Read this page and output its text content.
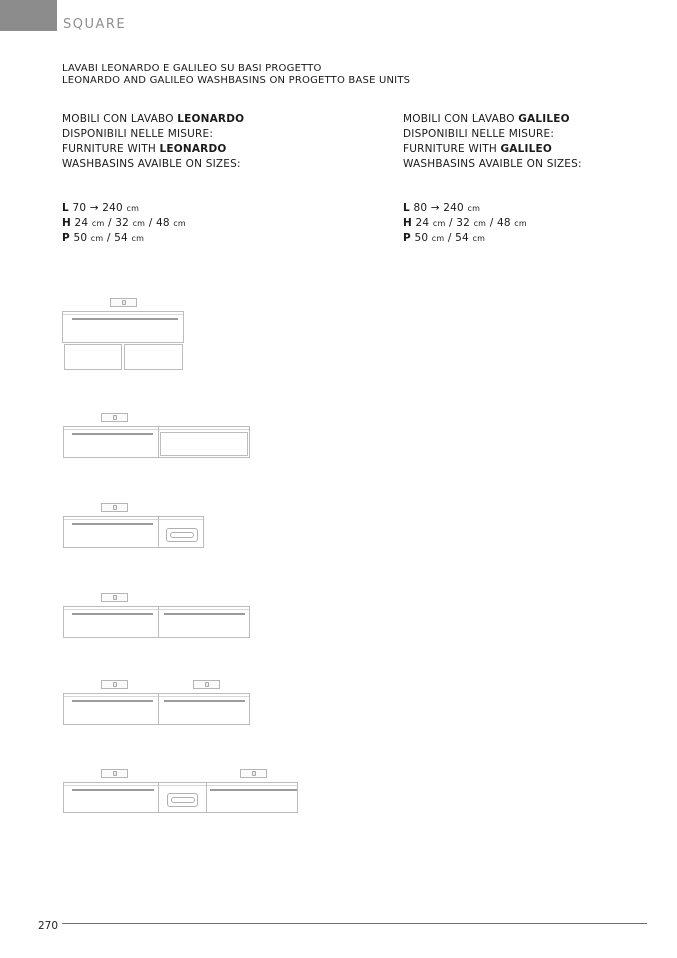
SQUARE
LAVABI LEONARDO E GALILEO SU BASI PROGETTO
LEONARDO AND GALILEO WASHBASINS ON PROGETTO BASE UNITS
MOBILI CON LAVABO LEONARDO
DISPONIBILI NELLE MISURE:
FURNITURE WITH LEONARDO
WASHBASINS AVAIBLE ON SIZES:
L 70 → 240 cm
H 24 cm / 32 cm / 48 cm
P 50 cm / 54 cm
MOBILI CON LAVABO GALILEO
DISPONIBILI NELLE MISURE:
FURNITURE WITH GALILEO
WASHBASINS AVAIBLE ON SIZES:
L 80 → 240 cm
H 24 cm / 32 cm / 48 cm
P 50 cm / 54 cm
270
